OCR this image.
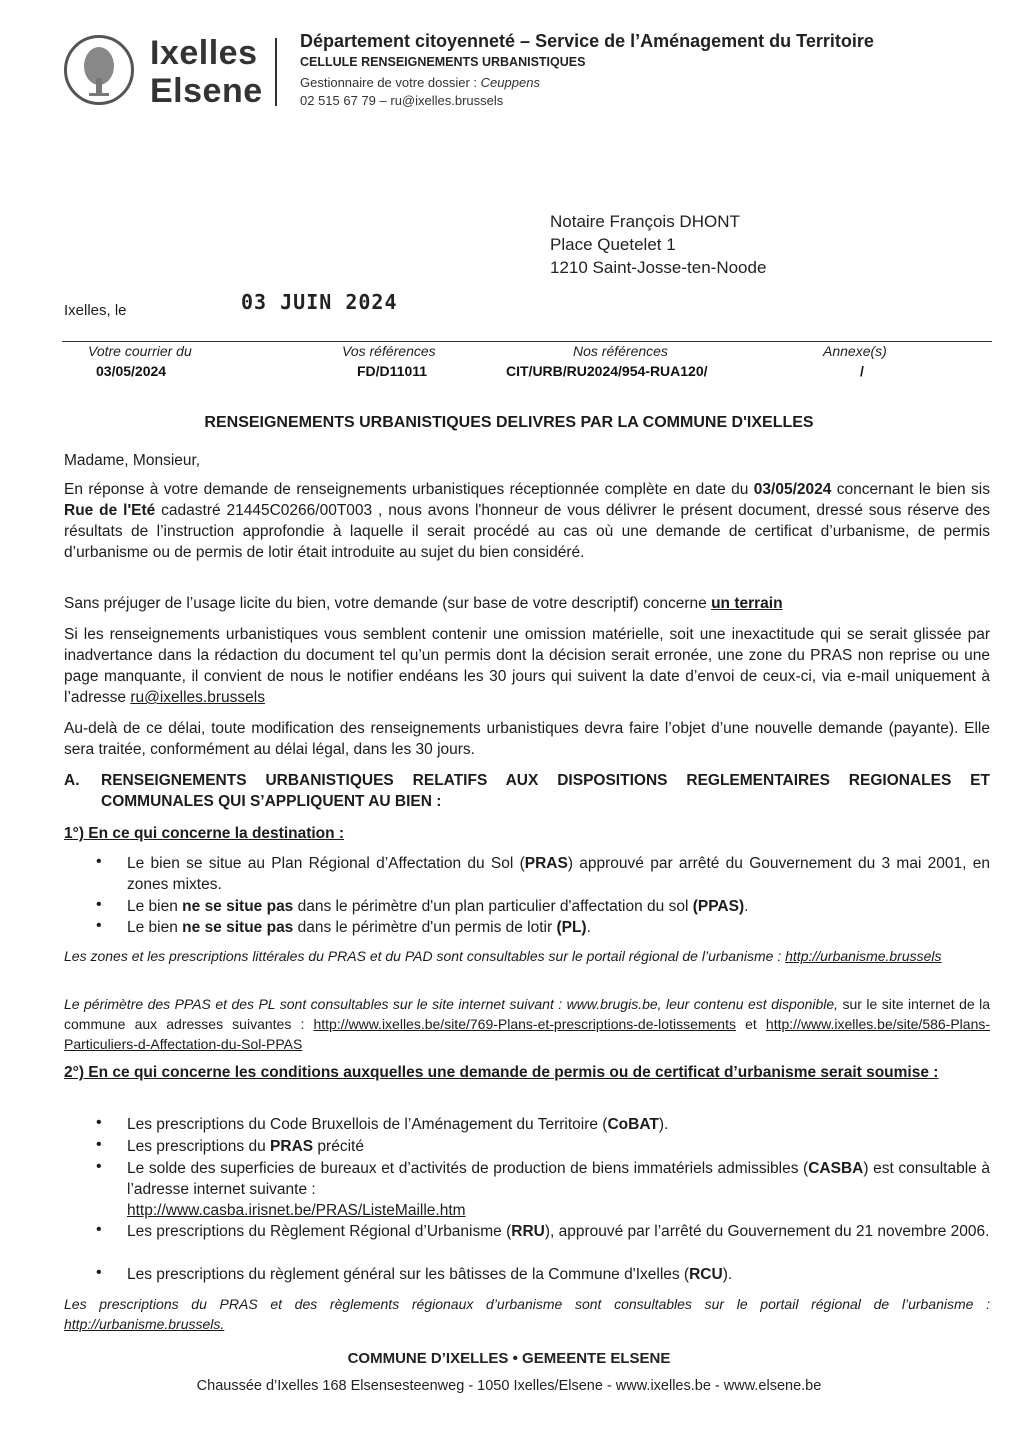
Ixelles
Elsene
Département citoyenneté – Service de l’Aménagement du Territoire
CELLULE RENSEIGNEMENTS URBANISTIQUES
Gestionnaire de votre dossier : Ceuppens
02 515 67 79 – ru@ixelles.brussels
Notaire François DHONT
Place Quetelet 1
1210 Saint-Josse-ten-Noode
Ixelles, le	03 JUIN 2024
Votre courrier du
03/05/2024
Vos références
FD/D11011
Nos références
CIT/URB/RU2024/954-RUA120/
Annexe(s)
/
RENSEIGNEMENTS URBANISTIQUES DELIVRES PAR LA COMMUNE D'IXELLES
Madame, Monsieur,
En réponse à votre demande de renseignements urbanistiques réceptionnée complète en date du 03/05/2024 concernant le bien sis Rue de l'Eté cadastré 21445C0266/00T003 , nous avons l'honneur de vous délivrer le présent document, dressé sous réserve des résultats de l’instruction approfondie à laquelle il serait procédé au cas où une demande de certificat d’urbanisme, de permis d’urbanisme ou de permis de lotir était introduite au sujet du bien considéré.
Sans préjuger de l’usage licite du bien, votre demande (sur base de votre descriptif) concerne un terrain
Si les renseignements urbanistiques vous semblent contenir une omission matérielle, soit une inexactitude qui se serait glissée par inadvertance dans la rédaction du document tel qu’un permis dont la décision serait erronée, une zone du PRAS non reprise ou une page manquante, il convient de nous le notifier endéans les 30 jours qui suivent la date d’envoi de ceux-ci, via e-mail uniquement à l’adresse ru@ixelles.brussels
Au-delà de ce délai, toute modification des renseignements urbanistiques devra faire l’objet d’une nouvelle demande (payante). Elle sera traitée, conformément au délai légal, dans les 30 jours.
A. RENSEIGNEMENTS URBANISTIQUES RELATIFS AUX DISPOSITIONS REGLEMENTAIRES REGIONALES ET COMMUNALES QUI S’APPLIQUENT AU BIEN :
1°) En ce qui concerne la destination :
• Le bien se situe au Plan Régional d’Affectation du Sol (PRAS) approuvé par arrêté du Gouvernement du 3 mai 2001, en zones mixtes.
• Le bien ne se situe pas dans le périmètre d'un plan particulier d'affectation du sol (PPAS).
• Le bien ne se situe pas dans le périmètre d'un permis de lotir (PL).
Les zones et les prescriptions littérales du PRAS et du PAD sont consultables sur le portail régional de l’urbanisme : http://urbanisme.brussels
Le périmètre des PPAS et des PL sont consultables sur le site internet suivant : www.brugis.be, leur contenu est disponible, sur le site internet de la commune aux adresses suivantes : http://www.ixelles.be/site/769-Plans-et-prescriptions-de-lotissements et http://www.ixelles.be/site/586-Plans-Particuliers-d-Affectation-du-Sol-PPAS
2°) En ce qui concerne les conditions auxquelles une demande de permis ou de certificat d’urbanisme serait soumise :
• Les prescriptions du Code Bruxellois de l’Aménagement du Territoire (CoBAT).
• Les prescriptions du PRAS précité
• Le solde des superficies de bureaux et d’activités de production de biens immatériels admissibles (CASBA) est consultable à l’adresse internet suivante :
http://www.casba.irisnet.be/PRAS/ListeMaille.htm
• Les prescriptions du Règlement Régional d’Urbanisme (RRU), approuvé par l’arrêté du Gouvernement du 21 novembre 2006.
• Les prescriptions du règlement général sur les bâtisses de la Commune d'Ixelles (RCU).
Les prescriptions du PRAS et des règlements régionaux d’urbanisme sont consultables sur le portail régional de l’urbanisme : http://urbanisme.brussels.
COMMUNE D’IXELLES • GEMEENTE ELSENE
Chaussée d’Ixelles 168 Elsensesteenweg - 1050 Ixelles/Elsene - www.ixelles.be - www.elsene.be
